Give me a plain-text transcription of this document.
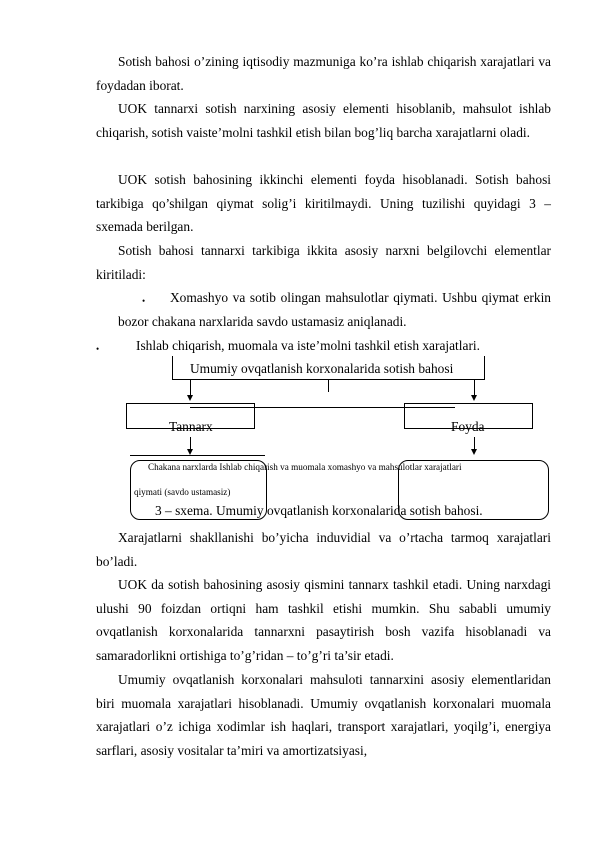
Sotish bahosi o’zining iqtisodiy mazmuniga ko’ra ishlab chiqarish xarajatlari va foydadan iborat.

UOK tannarxi sotish narxining asosiy elementi hisoblanib, mahsulot ishlab chiqarish, sotish vaiste’molni tashkil etish bilan bog’liq barcha xarajatlarni oladi.

UOK sotish bahosining ikkinchi elementi foyda hisoblanadi. Sotish bahosi tarkibiga qo’shilgan qiymat solig’i kiritilmaydi. Uning tuzilishi quyidagi 3 – sxemada berilgan.

Sotish bahosi tannarxi tarkibiga ikkita asosiy narxni belgilovchi elementlar kiritiladi:

•	Xomashyo va sotib olingan mahsulotlar qiymati. Ushbu qiymat erkin bozor chakana narxlarida savdo ustamasiz aniqlanadi.

•	Ishlab chiqarish, muomala va iste’molni tashkil etish xarajatlari.

Umumiy ovqatlanish korxonalarida sotish bahosi
Tannarx	Foyda
Chakana narxlarda Ishlab chiqarish va muomala xomashyo va mahsulotlar xarajatlari
qiymati (savdo ustamasiz)
3 – sxema. Umumiy ovqatlanish korxonalarida sotish bahosi.

Xarajatlarni shakllanishi bo’yicha induvidial va o’rtacha tarmoq xarajatlari bo’ladi.

UOK da sotish bahosining asosiy qismini tannarx tashkil etadi. Uning narxdagi ulushi 90 foizdan ortiqni ham tashkil etishi mumkin. Shu sababli umumiy ovqatlanish korxonalarida tannarxni pasaytirish bosh vazifa hisoblanadi va samaradorlikni ortishiga to’g’ridan – to’g’ri ta’sir etadi.

Umumiy ovqatlanish korxonalari mahsuloti tannarxini asosiy elementlaridan biri muomala xarajatlari hisoblanadi. Umumiy ovqatlanish korxonalari muomala xarajatlari o’z ichiga xodimlar ish haqlari, transport xarajatlari, yoqilg’i, energiya sarflari, asosiy vositalar ta’miri va amortizatsiyasi,
